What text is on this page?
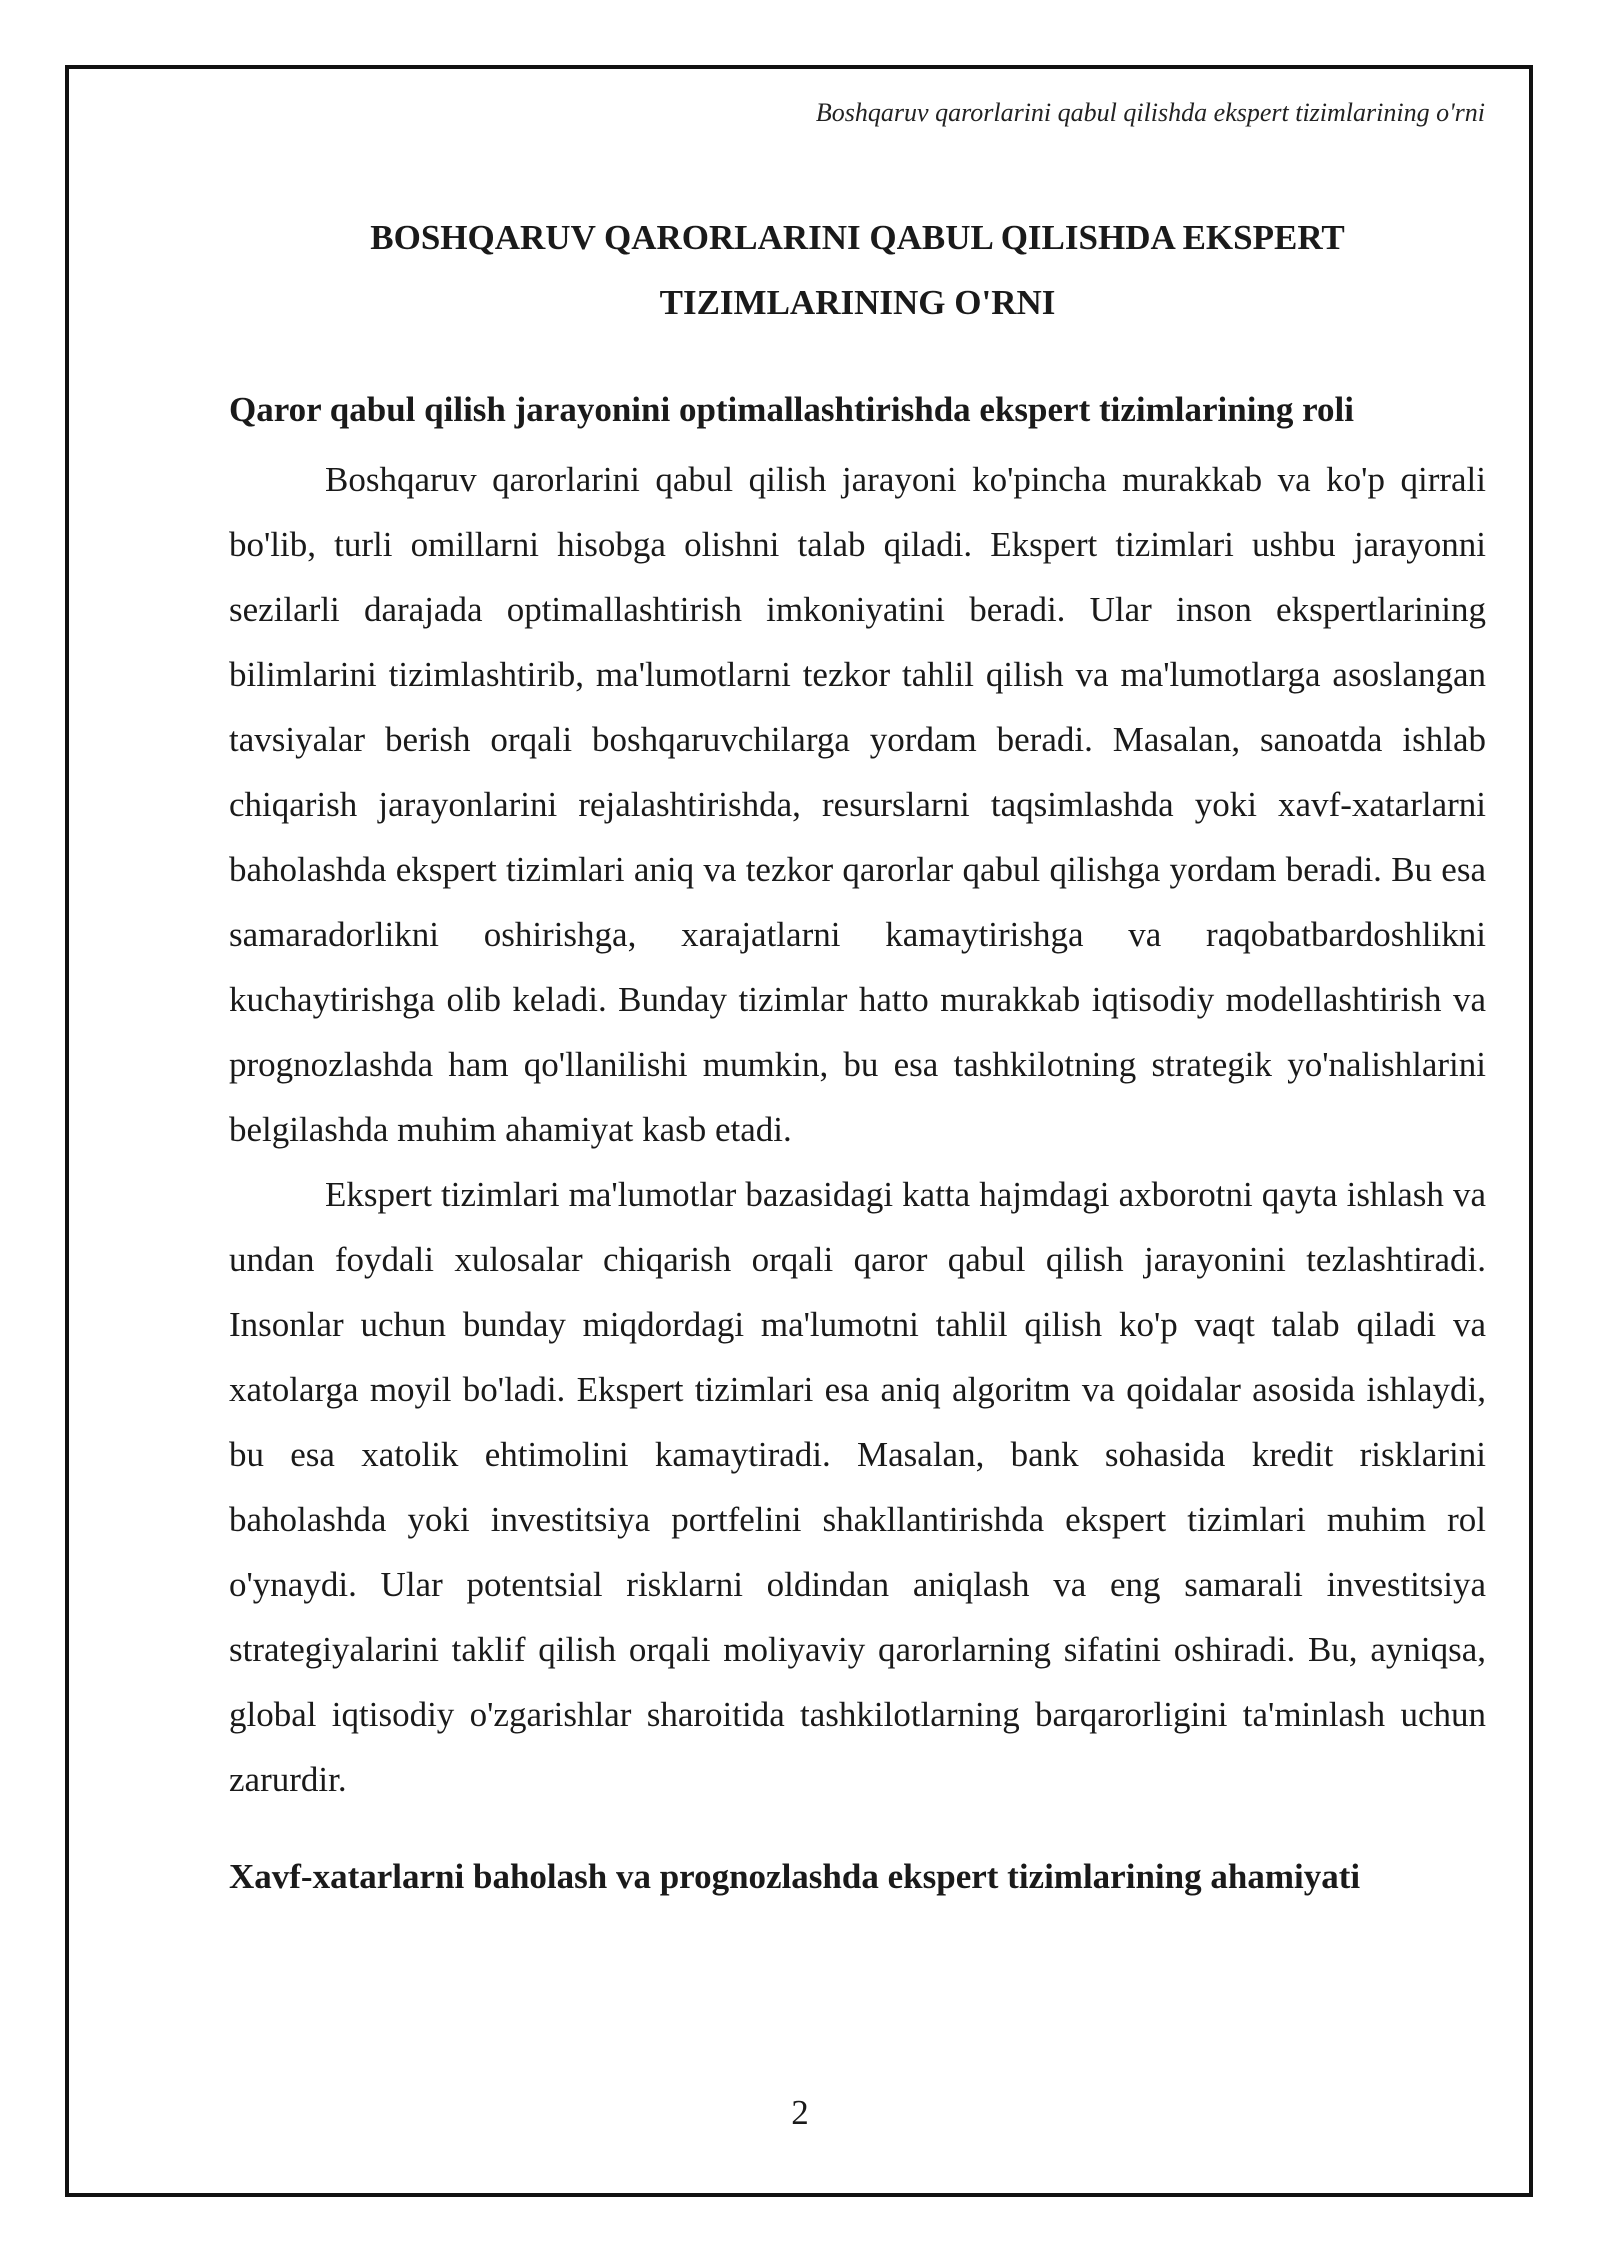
Boshqaruv qarorlarini qabul qilishda ekspert tizimlarining o'rni
BOSHQARUV QARORLARINI QABUL QILISHDA EKSPERT
TIZIMLARINING O'RNI
Qaror qabul qilish jarayonini optimallashtirishda ekspert tizimlarining roli

Boshqaruv qarorlarini qabul qilish jarayoni ko'pincha murakkab va ko'p qirrali bo'lib, turli omillarni hisobga olishni talab qiladi. Ekspert tizimlari ushbu jarayonni sezilarli darajada optimallashtirish imkoniyatini beradi. Ular inson ekspertlarining bilimlarini tizimlashtirib, ma'lumotlarni tezkor tahlil qilish va ma'lumotlarga asoslangan tavsiyalar berish orqali boshqaruvchilarga yordam beradi. Masalan, sanoatda ishlab chiqarish jarayonlarini rejalashtirishda, resurslarni taqsimlashda yoki xavf-xatarlarni baholashda ekspert tizimlari aniq va tezkor qarorlar qabul qilishga yordam beradi. Bu esa samaradorlikni oshirishga, xarajatlarni kamaytirishga va raqobatbardoshlikni kuchaytirishga olib keladi. Bunday tizimlar hatto murakkab iqtisodiy modellashtirish va prognozlashda ham qo'llanilishi mumkin, bu esa tashkilotning strategik yo'nalishlarini belgilashda muhim ahamiyat kasb etadi.

Ekspert tizimlari ma'lumotlar bazasidagi katta hajmdagi axborotni qayta ishlash va undan foydali xulosalar chiqarish orqali qaror qabul qilish jarayonini tezlashtiradi. Insonlar uchun bunday miqdordagi ma'lumotni tahlil qilish ko'p vaqt talab qiladi va xatolarga moyil bo'ladi. Ekspert tizimlari esa aniq algoritm va qoidalar asosida ishlaydi, bu esa xatolik ehtimolini kamaytiradi. Masalan, bank sohasida kredit risklarini baholashda yoki investitsiya portfelini shakllantirishda ekspert tizimlari muhim rol o'ynaydi. Ular potentsial risklarni oldindan aniqlash va eng samarali investitsiya strategiyalarini taklif qilish orqali moliyaviy qarorlarning sifatini oshiradi. Bu, ayniqsa, global iqtisodiy o'zgarishlar sharoitida tashkilotlarning barqarorligini ta'minlash uchun zarurdir.

Xavf-xatarlarni baholash va prognozlashda ekspert tizimlarining ahamiyati
2
